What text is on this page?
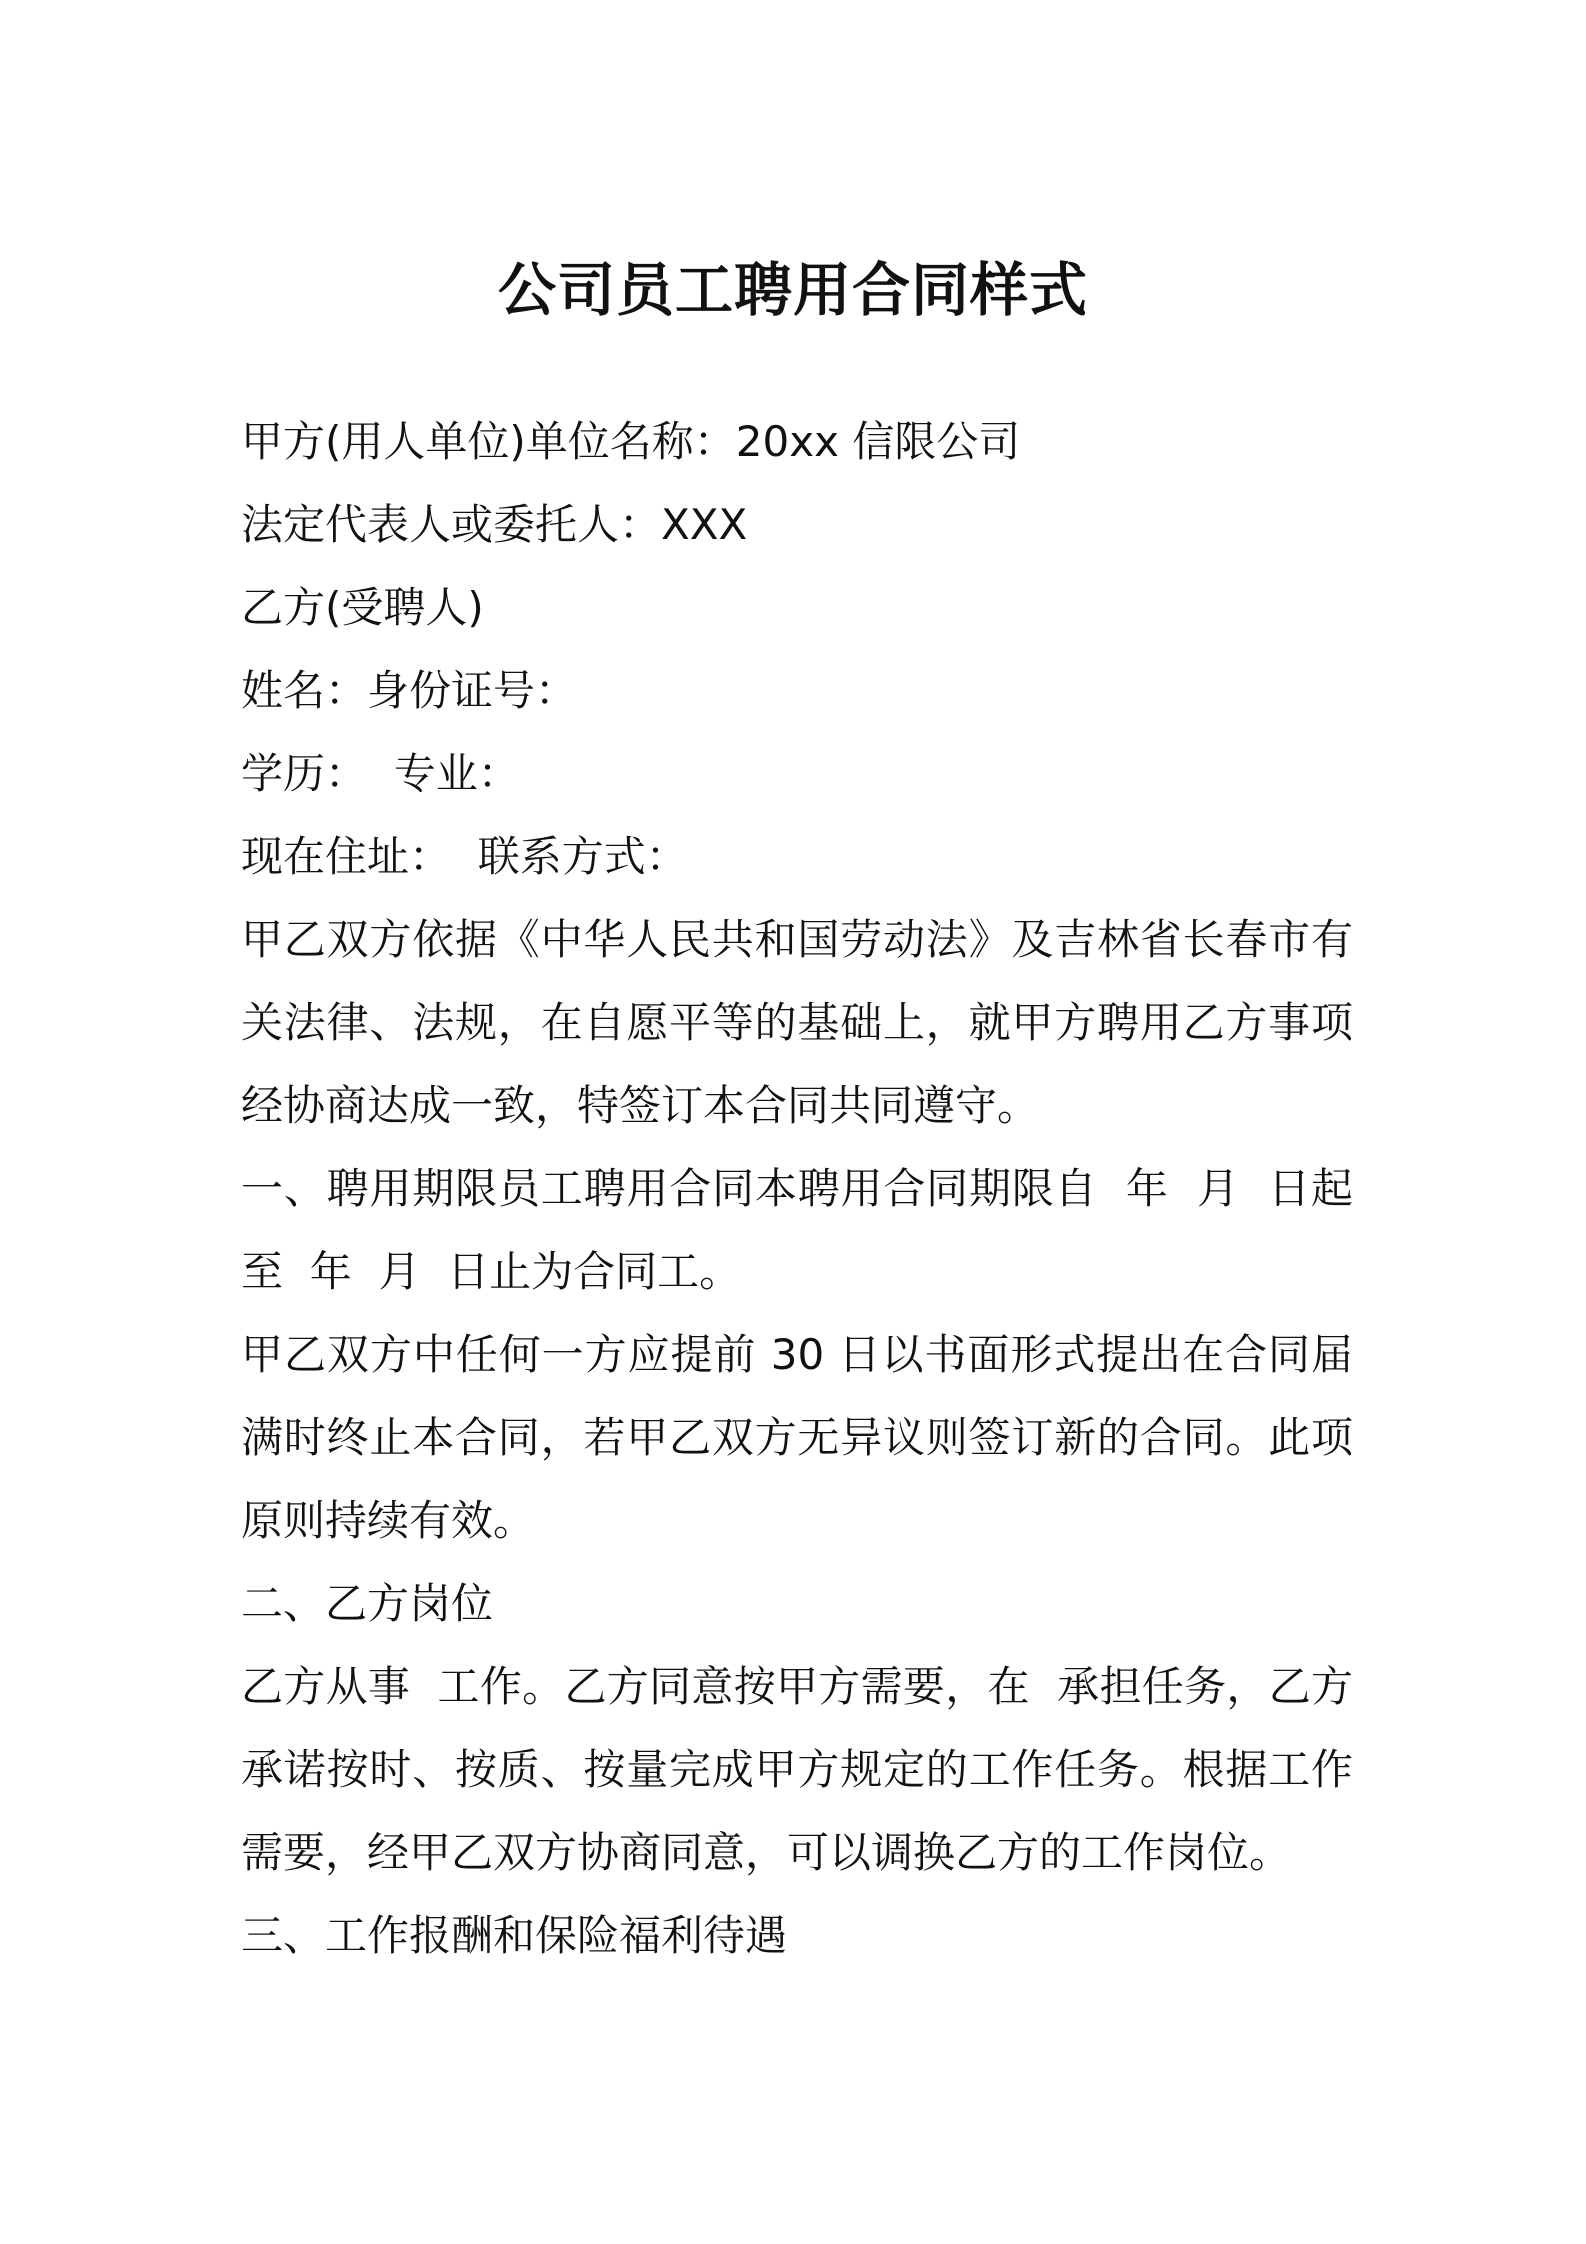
公司员工聘用合同样式
甲方(用人单位)单位名称：20xx 信限公司
法定代表人或委托人：XXX
乙方(受聘人)
姓名：身份证号：
学历：  专业：
现在住址：  联系方式：
甲乙双方依据《中华人民共和国劳动法》及吉林省长春市有关法律、法规，在自愿平等的基础上，就甲方聘用乙方事项经协商达成一致，特签订本合同共同遵守。
一、聘用期限员工聘用合同本聘用合同期限自  年  月  日起至  年  月  日止为合同工。
甲乙双方中任何一方应提前 30 日以书面形式提出在合同届满时终止本合同，若甲乙双方无异议则签订新的合同。此项原则持续有效。
二、乙方岗位
乙方从事  工作。乙方同意按甲方需要，在  承担任务，乙方承诺按时、按质、按量完成甲方规定的工作任务。根据工作需要，经甲乙双方协商同意，可以调换乙方的工作岗位。
三、工作报酬和保险福利待遇
